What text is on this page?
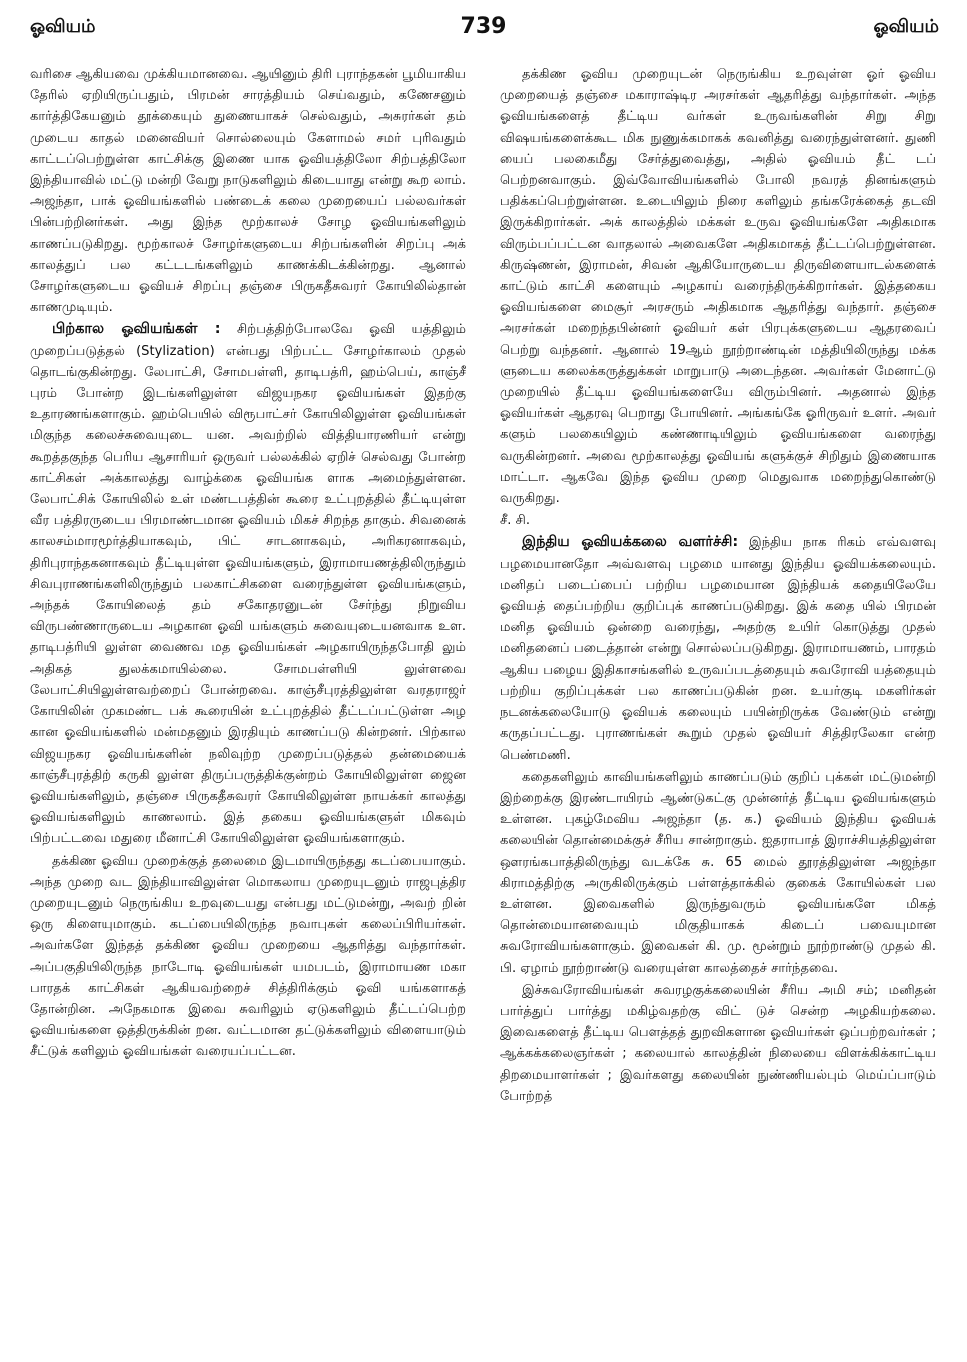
ஓவியம்	739	ஓவியம்

வரிசை ஆகியவை முக்கியமானவை. ஆயினும் திரி புராந்தகன் பூமியாகிய தேரில் ஏறியிருப்பதும், பிரமன் சாரத்தியம் செய்வதும், கணேசனும் கார்த்திகேயனும் தூக்கையும் துணையாகச் செல்வதும், அசுரர்கள் தம் முடைய காதல் மனைவியர் சொல்லையும் கேளாமல் சமர் புரிவதும் காட்டப்பெற்றுள்ள காட்சிக்கு இணை யாக ஓவியத்திலோ சிற்பத்திலோ இந்தியாவில் மட்டு மன்றி வேறு நாடுகளிலும் கிடையாது என்று கூற லாம். அஜந்தா, பாக் ஓவியங்களில் பண்டைக் கலை முறையைப் பல்லவர்கள் பின்பற்றினர்கள். அது இந்த மூற்காலச் சோழ ஓவியங்களிலும் காணப்படுகிறது. மூற்காலச் சோழர்களுடைய சிற்பங்களின் சிறப்பு அக் காலத்துப் பல கட்டடங்களிலும் காணக்கிடக்கின்றது. ஆனால் சோழர்களுடைய ஓவியச் சிறப்பு தஞ்சை பிருகதீசுவரர் கோயிலில்தான் காணமுடியும்.

பிற்கால ஓவியங்கள் : சிற்பத்திற்போலவே ஓவி யத்திலும் முறைப்படுத்தல் (Stylization) என்பது பிற்பட்ட சோழர்காலம் முதல் தொடங்குகின்றது. லேபாட்சி, சோமபள்ளி, தாடிபத்ரி, ஹம்பெய், காஞ்சீ புரம் போன்ற இடங்களிலுள்ள விஜயநகர ஓவியங்கள் இதற்கு உதாரணங்களாகும். ஹம்பெயில் விரூபாட்சர் கோயிலிலுள்ள ஓவியங்கள் மிகுந்த கலைச்சுவையுடை யன. அவற்றில் வித்தியாரணியர் என்று கூறத்தகுந்த பெரிய ஆசாரியர் ஒருவர் பல்லக்கில் ஏறிச் செல்வது போன்ற காட்சிகள் அக்காலத்து வாழ்க்கை ஓவியங்க ளாக அமைந்துள்ளன. லேபாட்சிக் கோயிலில் உள் மண்டபத்தின் கூரை உட்புறத்தில் தீட்டியுள்ள வீர பத்திரருடைய பிரமாண்டமான ஓவியம் மிகச் சிறந்த தாகும். சிவனைக் காலசம்மாரமூர்த்தியாகவும், பிட் சாடனாகவும், அரிகரனாகவும், திரிபுராந்தகனாகவும் தீட்டியுள்ள ஓவியங்களும், இராமாயணத்திலிருந்தும் சிவபுராணங்களிலிருந்தும் பலகாட்சிகளை வரைந்துள்ள ஓவியங்களும், அந்தக் கோயிலைத் தம் சகோதரனுடன் சேர்ந்து நிறுவிய விருபண்ணாருடைய அழகான ஓவி யங்களும் சுவையுடையனவாக உள. தாடிபத்ரியி லுள்ள வைணவ மத ஓவியங்கள் அழகாயிருந்தபோதி லும் அதிகத் துலக்கமாயில்லை. சோமபள்ளியி லுள்ளவை லேபாட்சியிலுள்ளவற்றைப் போன்றவை. காஞ்சீபுரத்திலுள்ள வரதராஜர் கோயிலின் முகமண்ட பக் கூரையின் உட்புறத்தில் தீட்டப்பட்டுள்ள அழ கான ஓவியங்களில் மன்மதனும் இரதியும் காணப்படு கின்றனர். பிற்கால விஜயநகர ஓவியங்களின் நலிவுற்ற முறைப்படுத்தல் தன்மையைக் காஞ்சீபுரத்திற் கருகி லுள்ள திருப்பருத்திக்குன்றம் கோயிலிலுள்ள ஜைன ஓவியங்களிலும், தஞ்சை பிருகதீசுவரர் கோயிலிலுள்ள நாயக்கர் காலத்து ஓவியங்களிலும் காணலாம். இத் தகைய ஓவியங்களுள் மிகவும் பிற்பட்டவை மதுரை மீனாட்சி கோயிலிலுள்ள ஓவியங்களாகும்.

தக்கிண ஓவிய முறைக்குத் தலைமை இடமாயிருந்தது கடப்பையாகும். அந்த முறை வட இந்தியாவிலுள்ள மொகலாய முறையுடனும் ராஜபுத்திர முறையுடனும் நெருங்கிய உறவுடையது என்பது மட்டுமன்று, அவற் றின் ஒரு கிளையுமாகும். கடப்பையிலிருந்த நவாபுகள் கலைப்பிரியர்கள். அவர்களே இந்தத் தக்கிண ஓவிய முறையை ஆதரித்து வந்தார்கள். அப்பகுதியிலிருந்த நாடோடி ஓவியங்கள் யமபடம், இராமாயண மகா பாரதக் காட்சிகள் ஆகியவற்றைச் சித்திரிக்கும் ஓவி யங்களாகத் தோன்றின. அநேகமாக இவை சுவரிலும் ஏடுகளிலும் தீட்டப்பெற்ற ஓவியங்களை ஒத்திருக்கின் றன. வட்டமான தட்டுக்களிலும் விளையாடும் சீட்டுக் களிலும் ஓவியங்கள் வரையப்பட்டன.

தக்கிண ஓவிய முறையுடன் நெருங்கிய உறவுள்ள ஓர் ஓவிய முறையைத் தஞ்சை மகாராஷ்டிர அரசர்கள் ஆதரித்து வந்தார்கள். அந்த ஓவியங்களைத் தீட்டிய வர்கள் உருவங்களின் சிறு சிறு விஷயங்களைக்கூட மிக நுணுக்கமாகக் கவனித்து வரைந்துள்ளனர். துணி யைப் பலகைமீது சேர்த்துவைத்து, அதில் ஓவியம் தீட் டப் பெற்றனவாகும். இவ்வோவியங்களில் போலி நவரத் தினங்களும் பதிக்கப்பெற்றுள்ளன. உடையிலும் நிரை களிலும் தங்கரேக்கைத் தடவி இருக்கிறார்கள். அக் காலத்தில் மக்கள் உருவ ஓவியங்களே அதிகமாக விரும்பப்பட்டன வாதலால் அவைகளே அதிகமாகத் தீட்டப்பெற்றுள்ளன. கிருஷ்ணன், இராமன், சிவன் ஆகியோருடைய திருவிளையாடல்களைக் காட்டும் காட்சி களையும் அழகாய் வரைந்திருக்கிறார்கள். இத்தகைய ஓவியங்களை மைசூர் அரசரும் அதிகமாக ஆதரித்து வந்தார். தஞ்சை அரசர்கள் மறைந்தபின்னர் ஓவியர் கள் பிரபுக்களுடைய ஆதரவைப் பெற்று வந்தனர். ஆனால் 19ஆம் நூற்றாண்டின் மத்தியிலிருந்து மக்க ளுடைய கலைக்கருத்துக்கள் மாறுபாடு அடைந்தன. அவர்கள் மேனாட்டு முறையில் தீட்டிய ஓவியங்களையே விரும்பினர். அதனால் இந்த ஓவியர்கள் ஆதரவு பெறாது போயினர். அங்கங்கே ஓரிருவர் உளர். அவர் களும் பலகையிலும் கண்ணாடியிலும் ஓவியங்களை வரைந்து வருகின்றனர். அவை மூற்காலத்து ஓவியங் களுக்குச் சிறிதும் இணையாக மாட்டா. ஆகவே இந்த ஓவிய முறை மெதுவாக மறைந்துகொண்டு வருகிறது.

சீ. சி.

இந்திய ஓவியக்கலை வளர்ச்சி: இந்திய நாக ரிகம் எவ்வளவு பழமையானதோ அவ்வளவு பழமை யானது இந்திய ஓவியக்கலையும். மனிதப் படைப்பைப் பற்றிய பழமையான இந்தியக் கதையிலேயே ஓவியத் தைப்பற்றிய குறிப்புக் காணப்படுகிறது. இக் கதை யில் பிரமன் மனித ஓவியம் ஒன்றை வரைந்து, அதற்கு உயிர் கொடுத்து முதல் மனிதனைப் படைத்தான் என்று சொல்லப்படுகிறது. இராமாயணம், பாரதம் ஆகிய பழைய இதிகாசங்களில் உருவப்படத்தையும் சுவரோவி யத்தையும் பற்றிய குறிப்புக்கள் பல காணப்படுகின் றன. உயர்குடி மகளிர்கள் நடனக்கலையோடு ஓவியக் கலையும் பயின்றிருக்க வேண்டும் என்று கருதப்பட்டது. புராணங்கள் கூறும் முதல் ஓவியர் சித்திரலேகா என்ற பெண்மணி.

கதைகளிலும் காவியங்களிலும் காணப்படும் குறிப் புக்கள் மட்டுமன்றி இற்றைக்கு இரண்டாயிரம் ஆண்டுகட்கு முன்னர்த் தீட்டிய ஓவியங்களும் உள்ளன. புகழ்மேவிய அஜந்தா (த. க.) ஓவியம் இந்திய ஓவியக் கலையின் தொன்மைக்குச் சீரிய சான்றாகும். ஐதராபாத் இராச்சியத்திலுள்ள ஔரங்கபாத்திலிருந்து வடக்கே சு. 65 மைல் தூரத்திலுள்ள அஜந்தா கிராமத்திற்கு அருகிலிருக்கும் பள்ளத்தாக்கில் குகைக் கோயில்கள் பல உள்ளன. இவைகளில் இருந்துவரும் ஓவியங்களே மிகத் தொன்மையானவையும் மிகுதியாகக் கிடைப் பவையுமான சுவரோவியங்களாகும். இவைகள் கி. மு. மூன்றும் நூற்றாண்டு முதல் கி. பி. ஏழாம் நூற்றாண்டு வரையுள்ள காலத்தைச் சார்ந்தவை.

இச்சுவரோவியங்கள் சுவரழகுக்கலையின் சீரிய அமி சம்; மனிதன் பார்த்துப் பார்த்து மகிழ்வதற்கு விட் டுச் சென்ற அழகியற்கலை. இவைகளைத் தீட்டிய பௌத்தத் துறவிகளான ஓவியர்கள் ஒப்பற்றவர்கள் ; ஆக்கக்கலைஞர்கள் ; கலையால் காலத்தின் நிலையை விளக்கிக்காட்டிய திறமையாளர்கள் ; இவர்களது கலையின் நுண்ணியல்பும் மெய்ப்பாடும் போற்றத்
